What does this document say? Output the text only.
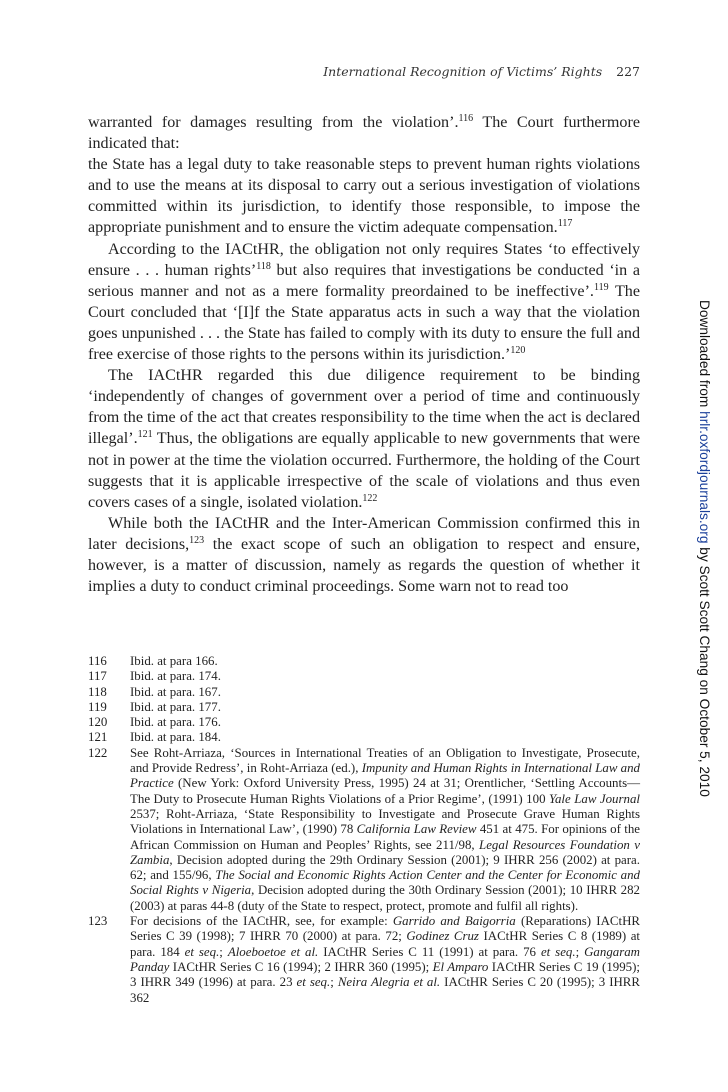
International Recognition of Victims’ Rights 227

warranted for damages resulting from the violation’.$^{116}$ The Court furthermore indicated that:

the State has a legal duty to take reasonable steps to prevent human rights violations and to use the means at its disposal to carry out a serious investigation of violations committed within its jurisdiction, to identify those responsible, to impose the appropriate punishment and to ensure the victim adequate compensation.$^{117}$

According to the IACtHR, the obligation not only requires States ‘to effectively ensure . . . human rights’$^{118}$ but also requires that investigations be conducted ‘in a serious manner and not as a mere formality preordained to be ineffective’.$^{119}$ The Court concluded that ‘[I]f the State apparatus acts in such a way that the violation goes unpunished . . . the State has failed to comply with its duty to ensure the full and free exercise of those rights to the persons within its jurisdiction.’$^{120}$

The IACtHR regarded this due diligence requirement to be binding ‘independently of changes of government over a period of time and continuously from the time of the act that creates responsibility to the time when the act is declared illegal’.$^{121}$ Thus, the obligations are equally applicable to new governments that were not in power at the time the violation occurred. Furthermore, the holding of the Court suggests that it is applicable irrespective of the scale of violations and thus even covers cases of a single, isolated violation.$^{122}$

While both the IACtHR and the Inter-American Commission confirmed this in later decisions,$^{123}$ the exact scope of such an obligation to respect and ensure, however, is a matter of discussion, namely as regards the question of whether it implies a duty to conduct criminal proceedings. Some warn not to read too

116	Ibid. at para 166.
117	Ibid. at para. 174.
118	Ibid. at para. 167.
119	Ibid. at para. 177.
120	Ibid. at para. 176.
121	Ibid. at para. 184.
122	See Roht-Arriaza, ‘Sources in International Treaties of an Obligation to Investigate, Prosecute, and Provide Redress’, in Roht-Arriaza (ed.), Impunity and Human Rights in International Law and Practice (New York: Oxford University Press, 1995) 24 at 31; Orentlicher, ‘Settling Accounts—The Duty to Prosecute Human Rights Violations of a Prior Regime’, (1991) 100 Yale Law Journal 2537; Roht-Arriaza, ‘State Responsibility to Investigate and Prosecute Grave Human Rights Violations in International Law’, (1990) 78 California Law Review 451 at 475. For opinions of the African Commission on Human and Peoples’ Rights, see 211/98, Legal Resources Foundation v Zambia, Decision adopted during the 29th Ordinary Session (2001); 9 IHRR 256 (2002) at para. 62; and 155/96, The Social and Economic Rights Action Center and the Center for Economic and Social Rights v Nigeria, Decision adopted during the 30th Ordinary Session (2001); 10 IHRR 282 (2003) at paras 44-8 (duty of the State to respect, protect, promote and fulfil all rights).
123	For decisions of the IACtHR, see, for example: Garrido and Baigorria (Reparations) IACtHR Series C 39 (1998); 7 IHRR 70 (2000) at para. 72; Godinez Cruz IACtHR Series C 8 (1989) at para. 184 et seq.; Aloeboetoe et al. IACtHR Series C 11 (1991) at para. 76 et seq.; Gangaram Panday IACtHR Series C 16 (1994); 2 IHRR 360 (1995); El Amparo IACtHR Series C 19 (1995); 3 IHRR 349 (1996) at para. 23 et seq.; Neira Alegria et al. IACtHR Series C 20 (1995); 3 IHRR 362
Downloaded from hrlr.oxfordjournals.org by Scott Scott Chang on October 5, 2010
